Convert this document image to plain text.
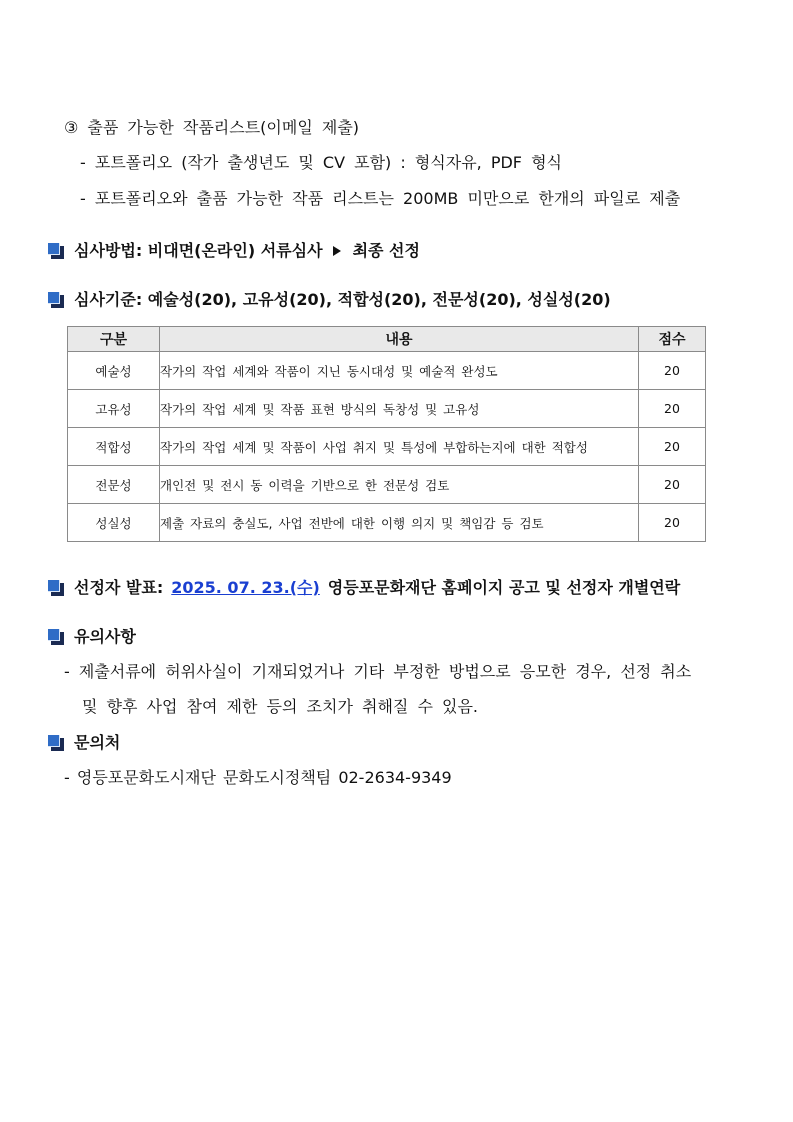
③ 출품 가능한 작품리스트(이메일 제출)
- 포트폴리오 (작가 출생년도 및 CV 포함) : 형식자유, PDF 형식
- 포트폴리오와 출품 가능한 작품 리스트는 200MB 미만으로 한개의 파일로 제출
심사방법: 비대면(온라인) 서류심사 최종 선정
심사기준: 예술성(20), 고유성(20), 적합성(20), 전문성(20), 성실성(20)
구분	내용	점수
예술성	작가의 작업 세계와 작품이 지닌 동시대성 및 예술적 완성도	20
고유성	작가의 작업 세계 및 작품 표현 방식의 독창성 및 고유성	20
적합성	작가의 작업 세계 및 작품이 사업 취지 및 특성에 부합하는지에 대한 적합성	20
전문성	개인전 및 전시 동 이력을 기반으로 한 전문성 검토	20
성실성	제출 자료의 충실도, 사업 전반에 대한 이행 의지 및 책임감 등 검토	20
선정자 발표: 2025. 07. 23.(수) 영등포문화재단 홈페이지 공고 및 선정자 개별연락
유의사항
- 제출서류에 허위사실이 기재되었거나 기타 부정한 방법으로 응모한 경우, 선정 취소
및 향후 사업 참여 제한 등의 조치가 취해질 수 있음.
문의처
- 영등포문화도시재단 문화도시정책팀 02-2634-9349
